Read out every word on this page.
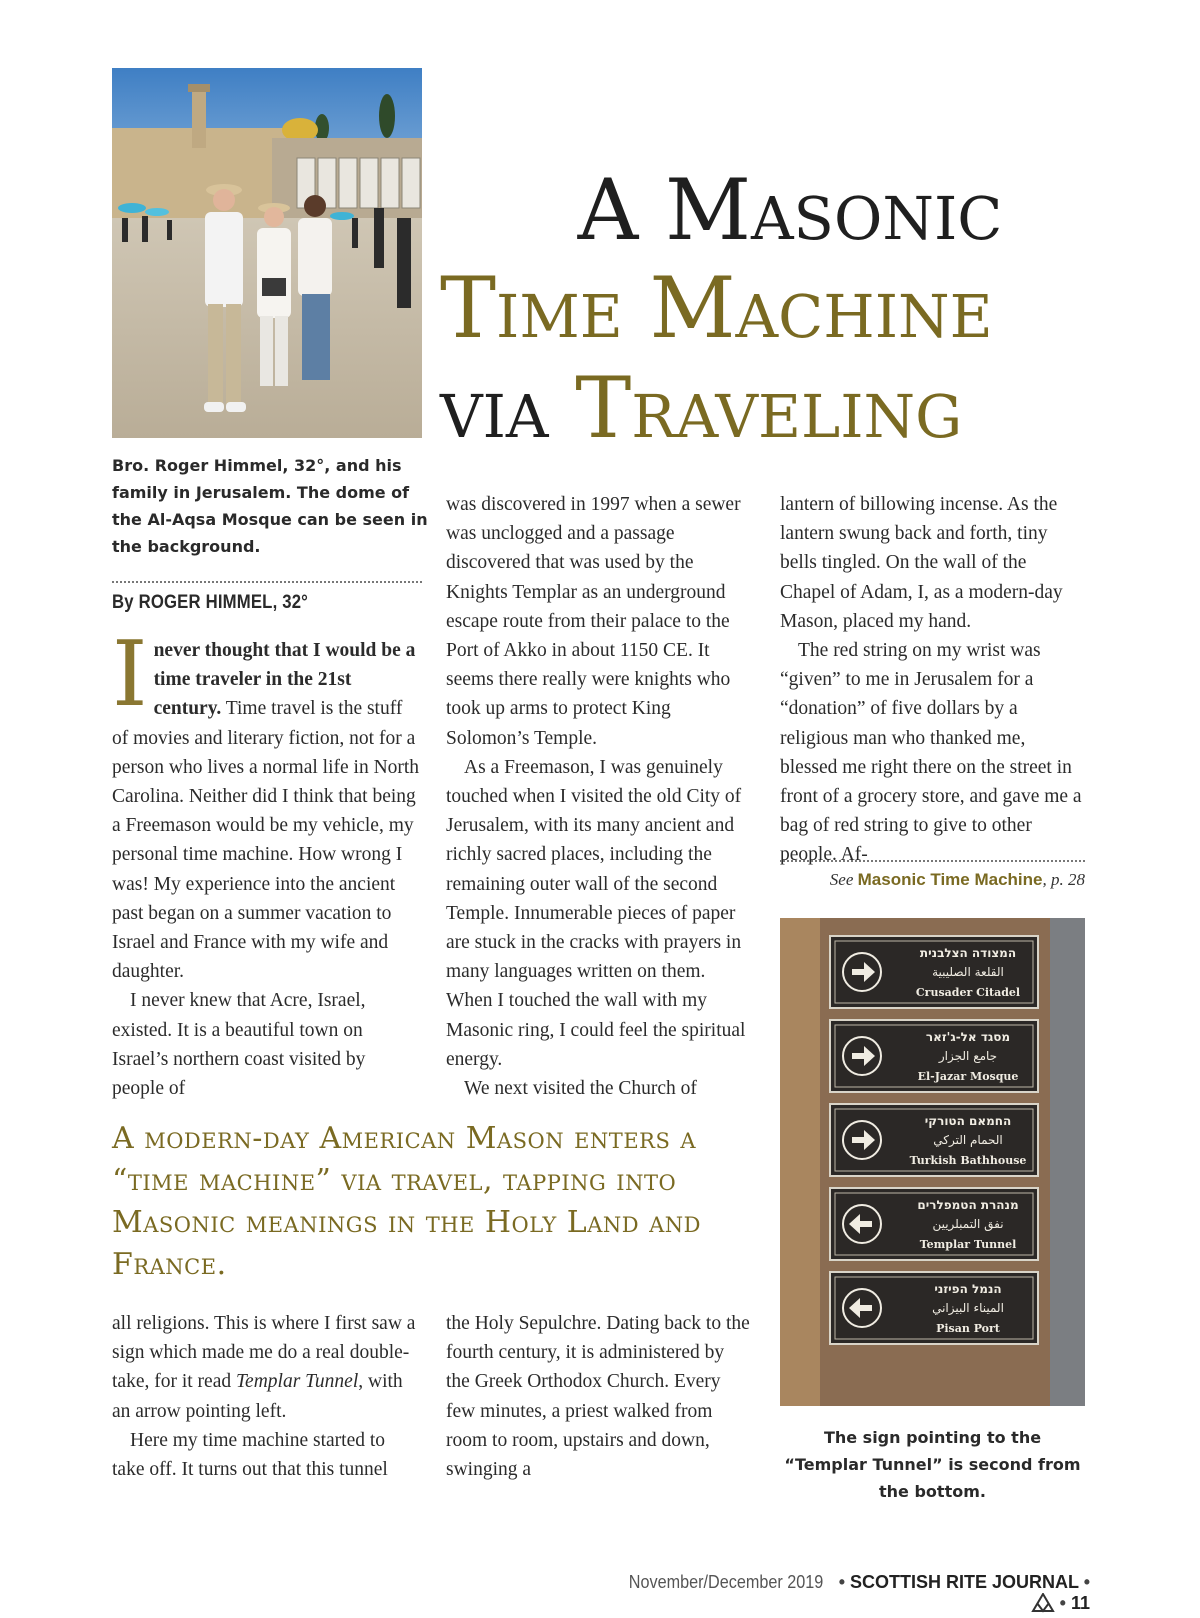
Bro. Roger Himmel, 32°, and his family in Jerusalem. The dome of the Al-Aqsa Mosque can be seen in the background.
By ROGER HIMMEL, 32°
A Masonic
Time Machine
via Traveling

Inever thought that I would be a time traveler in the 21st century. Time travel is the stuff of movies and literary fiction, not for a person who lives a normal life in North Carolina. Neither did I think that being a Freemason would be my vehicle, my personal time machine. How wrong I was! My experience into the ancient past began on a summer vacation to Israel and France with my wife and daughter.

I never knew that Acre, Israel, existed. It is a beautiful town on Israel’s northern coast visited by people of

was discovered in 1997 when a sewer was unclogged and a passage discovered that was used by the Knights Templar as an underground escape route from their palace to the Port of Akko in about 1150 CE. It seems there really were knights who took up arms to protect King Solomon’s Temple.

As a Freemason, I was genuinely touched when I visited the old City of Jerusalem, with its many ancient and richly sacred places, including the remaining outer wall of the second Temple. Innumerable pieces of paper are stuck in the cracks with prayers in many languages written on them. When I touched the wall with my Masonic ring, I could feel the spiritual energy.

We next visited the Church of

lantern of billowing incense. As the lantern swung back and forth, tiny bells tingled. On the wall of the Chapel of Adam, I, as a modern-day Mason, placed my hand.

The red string on my wrist was “given” to me in Jerusalem for a “donation” of five dollars by a religious man who thanked me, blessed me right there on the street in front of a grocery store, and gave me a bag of red string to give to other people. Af-

See Masonic Time Machine, p. 28
A modern-day American Mason enters a “time machine” via travel, tapping into Masonic meanings in the Holy Land and France.

all religions. This is where I first saw a sign which made me do a real double-take, for it read Templar Tunnel, with an arrow pointing left.

Here my time machine started to take off. It turns out that this tunnel

the Holy Sepulchre. Dating back to the fourth century, it is administered by the Greek Orthodox Church. Every few minutes, a priest walked from room to room, upstairs and down, swinging a

המצודה הצלבנית
القلعة الصليبية
Crusader Citadel
מסגד אל-ג'זאר
جامع الجزار
El-Jazar Mosque
החמאם הטורקי
الحمام التركي
Turkish Bathhouse
מנהרת הטמפלרים
نفق التمبلريين
Templar Tunnel
הנמל הפיזני
الميناء البيزاني
Pisan Port
The sign pointing to the “Templar Tunnel” is second from the bottom.
November/December 2019 • SCOTTISH RITE JOURNAL •  • 11
